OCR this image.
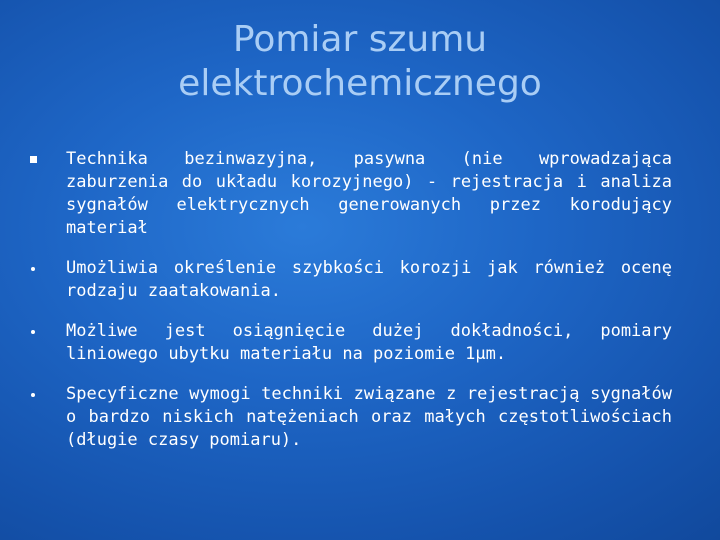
Pomiar szumu
elektrochemicznego
Technika bezinwazyjna, pasywna (nie wprowadzająca zaburzenia do układu korozyjnego) - rejestracja i analiza sygnałów elektrycznych generowanych przez korodujący materiał
Umożliwia określenie szybkości korozji jak również ocenę rodzaju zaatakowania.
Możliwe jest osiągnięcie dużej dokładności, pomiary liniowego ubytku materiału na poziomie 1µm.
Specyficzne wymogi techniki związane z rejestracją sygnałów o bardzo niskich natężeniach oraz małych częstotliwościach (długie czasy pomiaru).
